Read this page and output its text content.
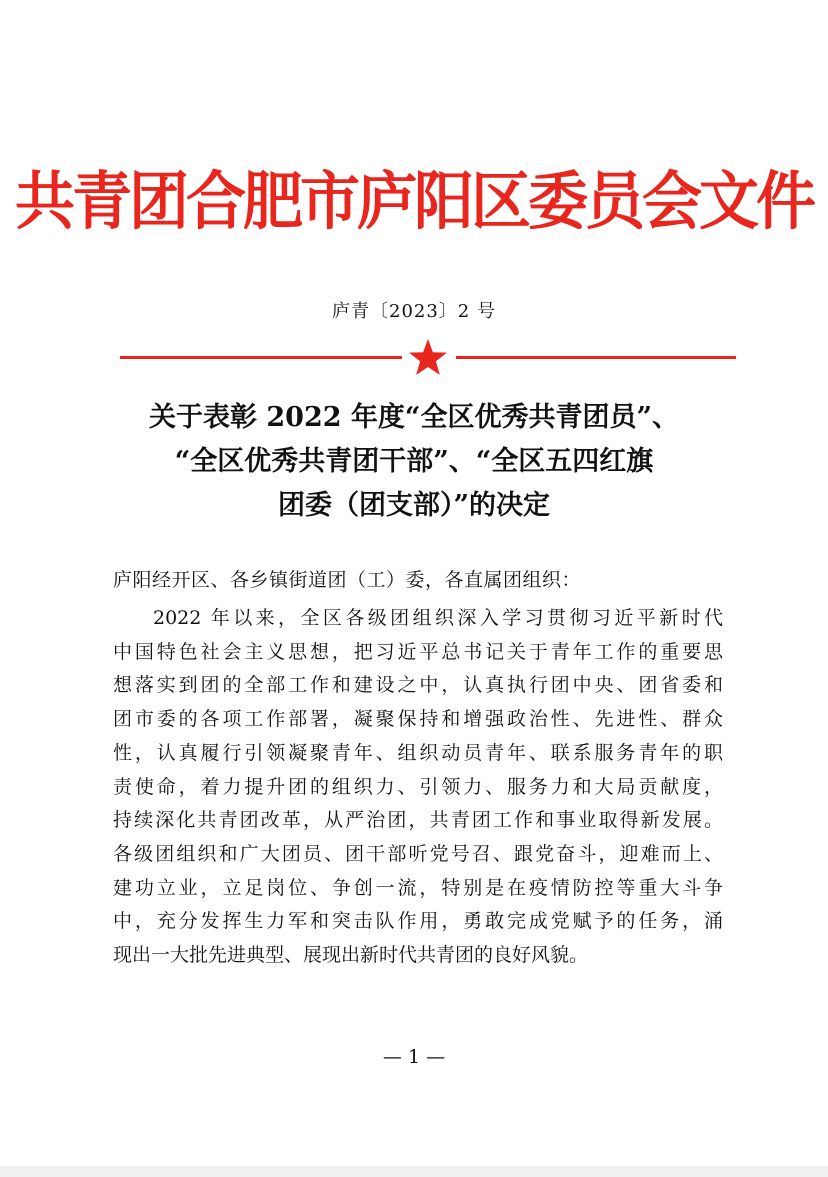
共青团合肥市庐阳区委员会文件
庐青〔2023〕2 号
关于表彰 2022 年度“全区优秀共青团员”、
“全区优秀共青团干部”、“全区五四红旗
团委（团支部）”的决定
庐阳经开区、各乡镇街道团（工）委，各直属团组织：
2022 年以来，全区各级团组织深入学习贯彻习近平新时代
中国特色社会主义思想，把习近平总书记关于青年工作的重要思
想落实到团的全部工作和建设之中，认真执行团中央、团省委和
团市委的各项工作部署，凝聚保持和增强政治性、先进性、群众
性，认真履行引领凝聚青年、组织动员青年、联系服务青年的职
责使命，着力提升团的组织力、引领力、服务力和大局贡献度，
持续深化共青团改革，从严治团，共青团工作和事业取得新发展。
各级团组织和广大团员、团干部听党号召、跟党奋斗，迎难而上、
建功立业，立足岗位、争创一流，特别是在疫情防控等重大斗争
中，充分发挥生力军和突击队作用，勇敢完成党赋予的任务，涌
现出一大批先进典型、展现出新时代共青团的良好风貌。
— 1 —
